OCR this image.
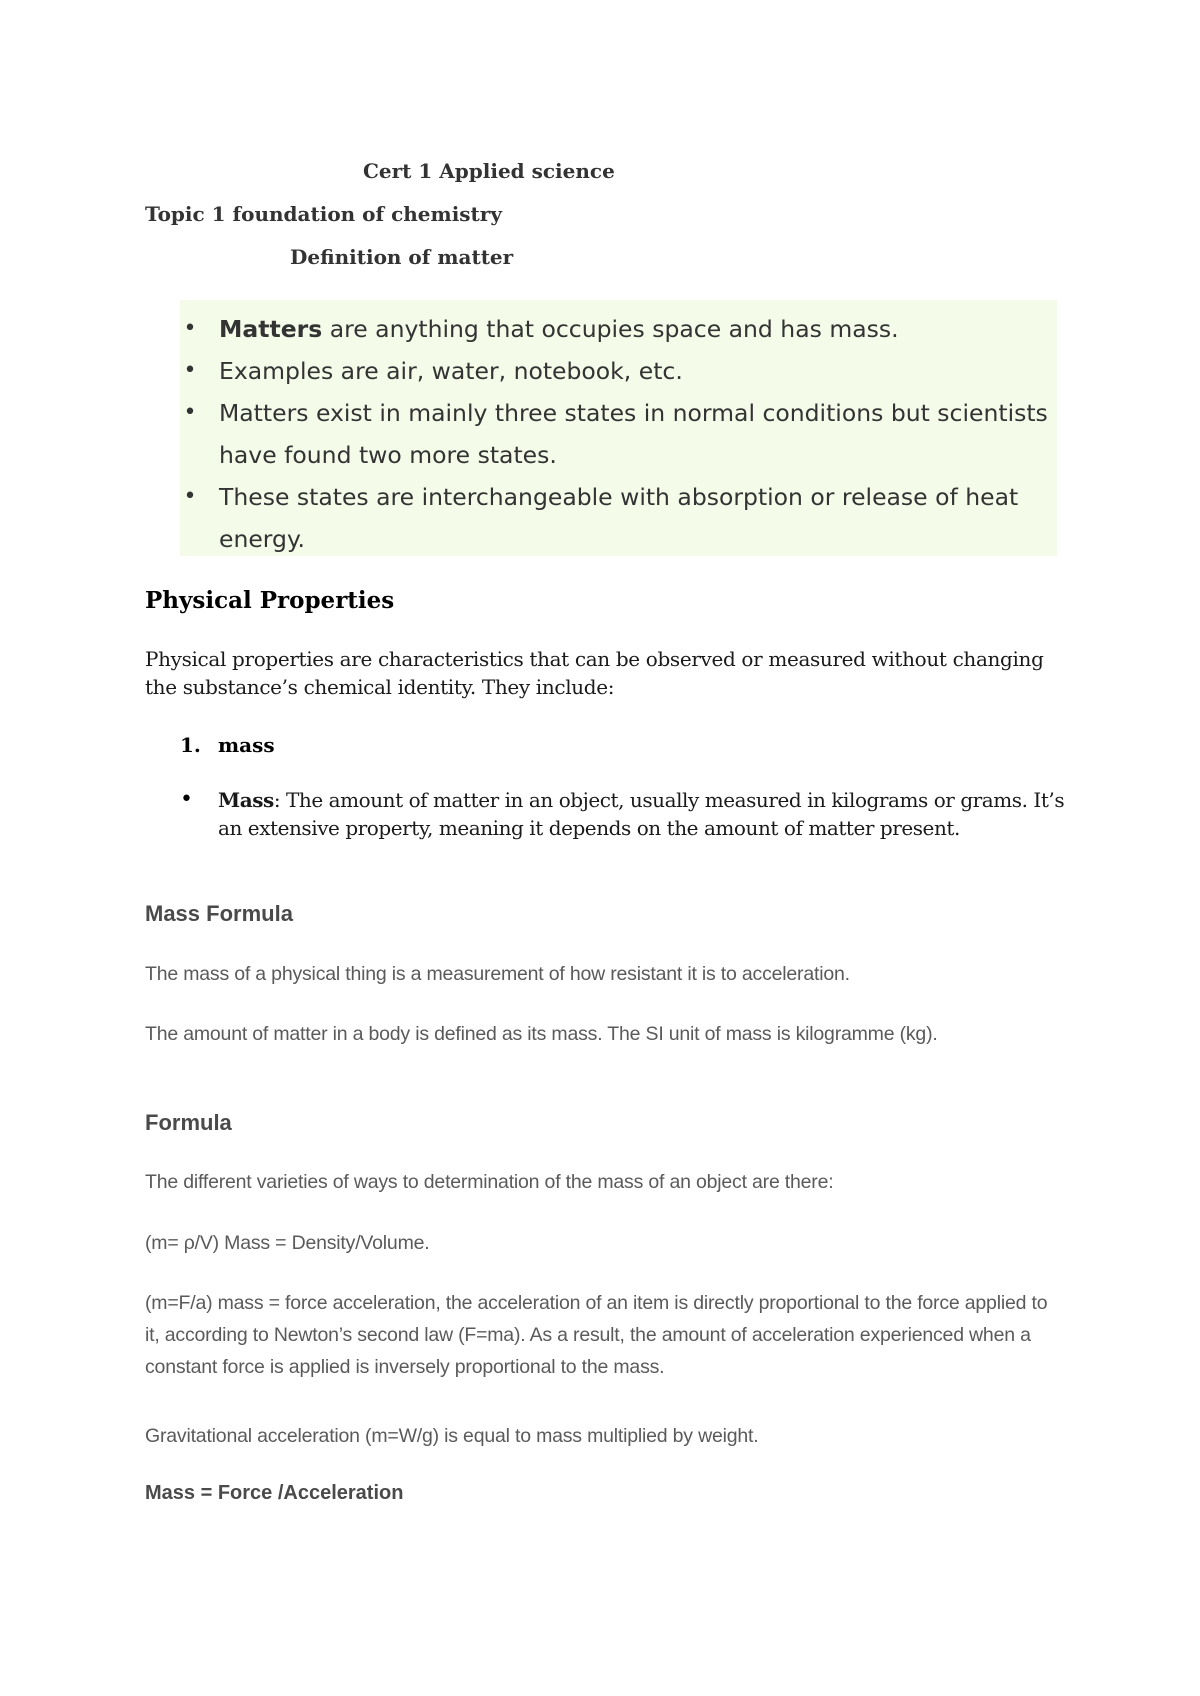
Cert 1 Applied science
Topic 1 foundation of chemistry
Definition of matter
• Matters are anything that occupies space and has mass.
• Examples are air, water, notebook, etc.
• Matters exist in mainly three states in normal conditions but scientists have found two more states.
• These states are interchangeable with absorption or release of heat energy.
Physical Properties
Physical properties are characteristics that can be observed or measured without changing the substance’s chemical identity. They include:
1. mass
• Mass: The amount of matter in an object, usually measured in kilograms or grams. It’s an extensive property, meaning it depends on the amount of matter present.
Mass Formula
The mass of a physical thing is a measurement of how resistant it is to acceleration.
The amount of matter in a body is defined as its mass. The SI unit of mass is kilogramme (kg).
Formula
The different varieties of ways to determination of the mass of an object are there:
(m= ρ/V) Mass = Density/Volume.
(m=F/a) mass = force acceleration, the acceleration of an item is directly proportional to the force applied to it, according to Newton’s second law (F=ma). As a result, the amount of acceleration experienced when a constant force is applied is inversely proportional to the mass.
Gravitational acceleration (m=W/g) is equal to mass multiplied by weight.
Mass = Force /Acceleration
